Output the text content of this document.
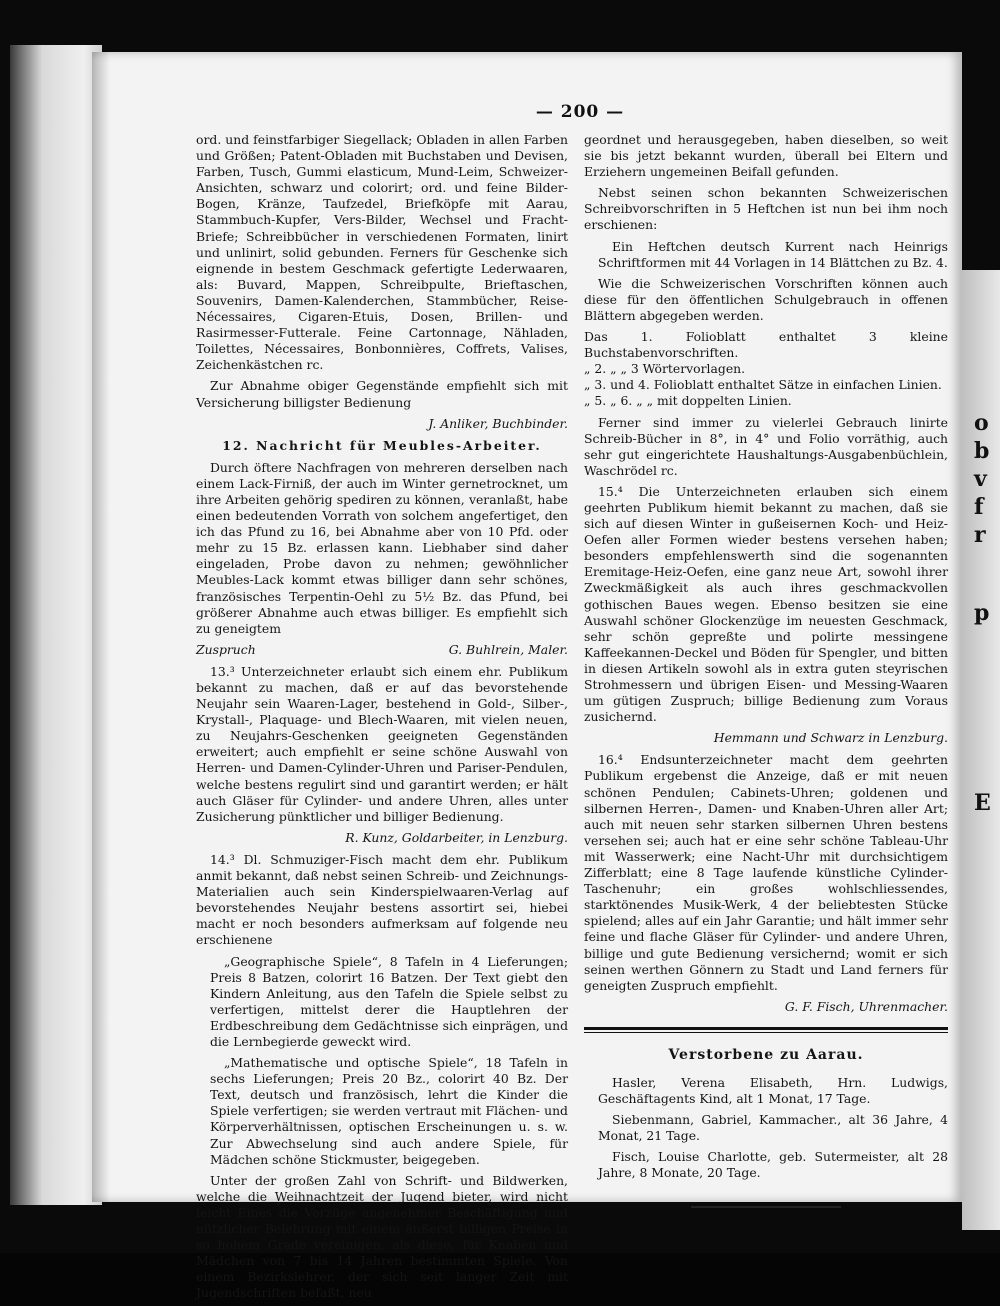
o
b
v
f
r
p
E
— 200 —

ord. und feinstfarbiger Siegellack; Obladen in allen Farben und Größen; Patent-Obladen mit Buchstaben und Devisen, Farben, Tusch, Gummi elasticum, Mund-Leim, Schweizer-Ansichten, schwarz und colorirt; ord. und feine Bilder-Bogen, Kränze, Taufzedel, Briefköpfe mit Aarau, Stammbuch-Kupfer, Vers-Bilder, Wechsel und Fracht-Briefe; Schreibbücher in verschiedenen Formaten, linirt und unlinirt, solid gebunden. Ferners für Geschenke sich eignende in bestem Geschmack gefertigte Lederwaaren, als: Buvard, Mappen, Schreibpulte, Brieftaschen, Souvenirs, Damen-Kalenderchen, Stammbücher, Reise-Nécessaires, Cigaren-Etuis, Dosen, Brillen- und Rasirmesser-Futterale. Feine Cartonnage, Nähladen, Toilettes, Nécessaires, Bonbonnières, Coffrets, Valises, Zeichenkästchen rc.

Zur Abnahme obiger Gegenstände empfiehlt sich mit Versicherung billigster Bedienung

J. Anliker, Buchbinder.
12. Nachricht für Meubles-Arbeiter.

Durch öftere Nachfragen von mehreren derselben nach einem Lack-Firniß, der auch im Winter gernetrocknet, um ihre Arbeiten gehörig spediren zu können, veranlaßt, habe einen bedeutenden Vorrath von solchem angefertiget, den ich das Pfund zu 16, bei Abnahme aber von 10 Pfd. oder mehr zu 15 Bz. erlassen kann. Liebhaber sind daher eingeladen, Probe davon zu nehmen; gewöhnlicher Meubles-Lack kommt etwas billiger dann sehr schönes, französisches Terpentin-Oehl zu 5½ Bz. das Pfund, bei größerer Abnahme auch etwas billiger. Es empfiehlt sich zu geneigtem

Zuspruch	G. Buhlrein, Maler.

13.³ Unterzeichneter erlaubt sich einem ehr. Publikum bekannt zu machen, daß er auf das bevorstehende Neujahr sein Waaren-Lager, bestehend in Gold-, Silber-, Krystall-, Plaquage- und Blech-Waaren, mit vielen neuen, zu Neujahrs-Geschenken geeigneten Gegenständen erweitert; auch empfiehlt er seine schöne Auswahl von Herren- und Damen-Cylinder-Uhren und Pariser-Pendulen, welche bestens regulirt sind und garantirt werden; er hält auch Gläser für Cylinder- und andere Uhren, alles unter Zusicherung pünktlicher und billiger Bedienung.

R. Kunz, Goldarbeiter, in Lenzburg.

14.³ Dl. Schmuziger-Fisch macht dem ehr. Publikum anmit bekannt, daß nebst seinen Schreib- und Zeichnungs-Materialien auch sein Kinderspielwaaren-Verlag auf bevorstehendes Neujahr bestens assortirt sei, hiebei macht er noch besonders aufmerksam auf folgende neu erschienene

„Geographische Spiele“, 8 Tafeln in 4 Lieferungen; Preis 8 Batzen, colorirt 16 Batzen. Der Text giebt den Kindern Anleitung, aus den Tafeln die Spiele selbst zu verfertigen, mittelst derer die Hauptlehren der Erdbeschreibung dem Gedächtnisse sich einprägen, und die Lernbegierde geweckt wird.

„Mathematische und optische Spiele“, 18 Tafeln in sechs Lieferungen; Preis 20 Bz., colorirt 40 Bz. Der Text, deutsch und französisch, lehrt die Kinder die Spiele verfertigen; sie werden vertraut mit Flächen- und Körperverhältnissen, optischen Erscheinungen u. s. w. Zur Abwechselung sind auch andere Spiele, für Mädchen schöne Stickmuster, beigegeben.

Unter der großen Zahl von Schrift- und Bildwerken, welche die Weihnachtzeit der Jugend bieter, wird nicht leicht Eines die Vorzüge angenehmer Beschäftigung und nützlicher Belehrung mit einem äußerst billigen Preise in so hohem Grade vereinigen, als diese, für Knaben und Mädchen von 7 bis 14 Jahren bestimmten Spiele. Von einem Bezirkslehrer, der sich seit langer Zeit mit Jugendschriften befaßt, neu

geordnet und herausgegeben, haben dieselben, so weit sie bis jetzt bekannt wurden, überall bei Eltern und Erziehern ungemeinen Beifall gefunden.

Nebst seinen schon bekannten Schweizerischen Schreibvorschriften in 5 Heftchen ist nun bei ihm noch erschienen:

Ein Heftchen deutsch Kurrent nach Heinrigs Schriftformen mit 44 Vorlagen in 14 Blättchen zu Bz. 4.

Wie die Schweizerischen Vorschriften können auch diese für den öffentlichen Schulgebrauch in offenen Blättern abgegeben werden.

Das 1. Folioblatt enthaltet 3 kleine Buchstabenvorschriften.
„ 2. „ „ 3 Wörtervorlagen.
„ 3. und 4. Folioblatt enthaltet Sätze in einfachen Linien.
„ 5. „ 6. „ „ mit doppelten Linien.

Ferner sind immer zu vielerlei Gebrauch linirte Schreib-Bücher in 8°, in 4° und Folio vorräthig, auch sehr gut eingerichtete Haushaltungs-Ausgabenbüchlein, Waschrödel rc.

15.⁴ Die Unterzeichneten erlauben sich einem geehrten Publikum hiemit bekannt zu machen, daß sie sich auf diesen Winter in gußeisernen Koch- und Heiz-Oefen aller Formen wieder bestens versehen haben; besonders empfehlenswerth sind die sogenannten Eremitage-Heiz-Oefen, eine ganz neue Art, sowohl ihrer Zweckmäßigkeit als auch ihres geschmackvollen gothischen Baues wegen. Ebenso besitzen sie eine Auswahl schöner Glockenzüge im neuesten Geschmack, sehr schön gepreßte und polirte messingene Kaffeekannen-Deckel und Böden für Spengler, und bitten in diesen Artikeln sowohl als in extra guten steyrischen Strohmessern und übrigen Eisen- und Messing-Waaren um gütigen Zuspruch; billige Bedienung zum Voraus zusichernd.

Hemmann und Schwarz in Lenzburg.

16.⁴ Endsunterzeichneter macht dem geehrten Publikum ergebenst die Anzeige, daß er mit neuen schönen Pendulen; Cabinets-Uhren; goldenen und silbernen Herren-, Damen- und Knaben-Uhren aller Art; auch mit neuen sehr starken silbernen Uhren bestens versehen sei; auch hat er eine sehr schöne Tableau-Uhr mit Wasserwerk; eine Nacht-Uhr mit durchsichtigem Zifferblatt; eine 8 Tage laufende künstliche Cylinder-Taschenuhr; ein großes wohlschliessendes, starktönendes Musik-Werk, 4 der beliebtesten Stücke spielend; alles auf ein Jahr Garantie; und hält immer sehr feine und flache Gläser für Cylinder- und andere Uhren, billige und gute Bedienung versichernd; womit er sich seinen werthen Gönnern zu Stadt und Land ferners für geneigten Zuspruch empfiehlt.

G. F. Fisch, Uhrenmacher.
Verstorbene zu Aarau.

Hasler, Verena Elisabeth, Hrn. Ludwigs, Geschäftagents Kind, alt 1 Monat, 17 Tage.

Siebenmann, Gabriel, Kammacher., alt 36 Jahre, 4 Monat, 21 Tage.

Fisch, Louise Charlotte, geb. Sutermeister, alt 28 Jahre, 8 Monate, 20 Tage.
